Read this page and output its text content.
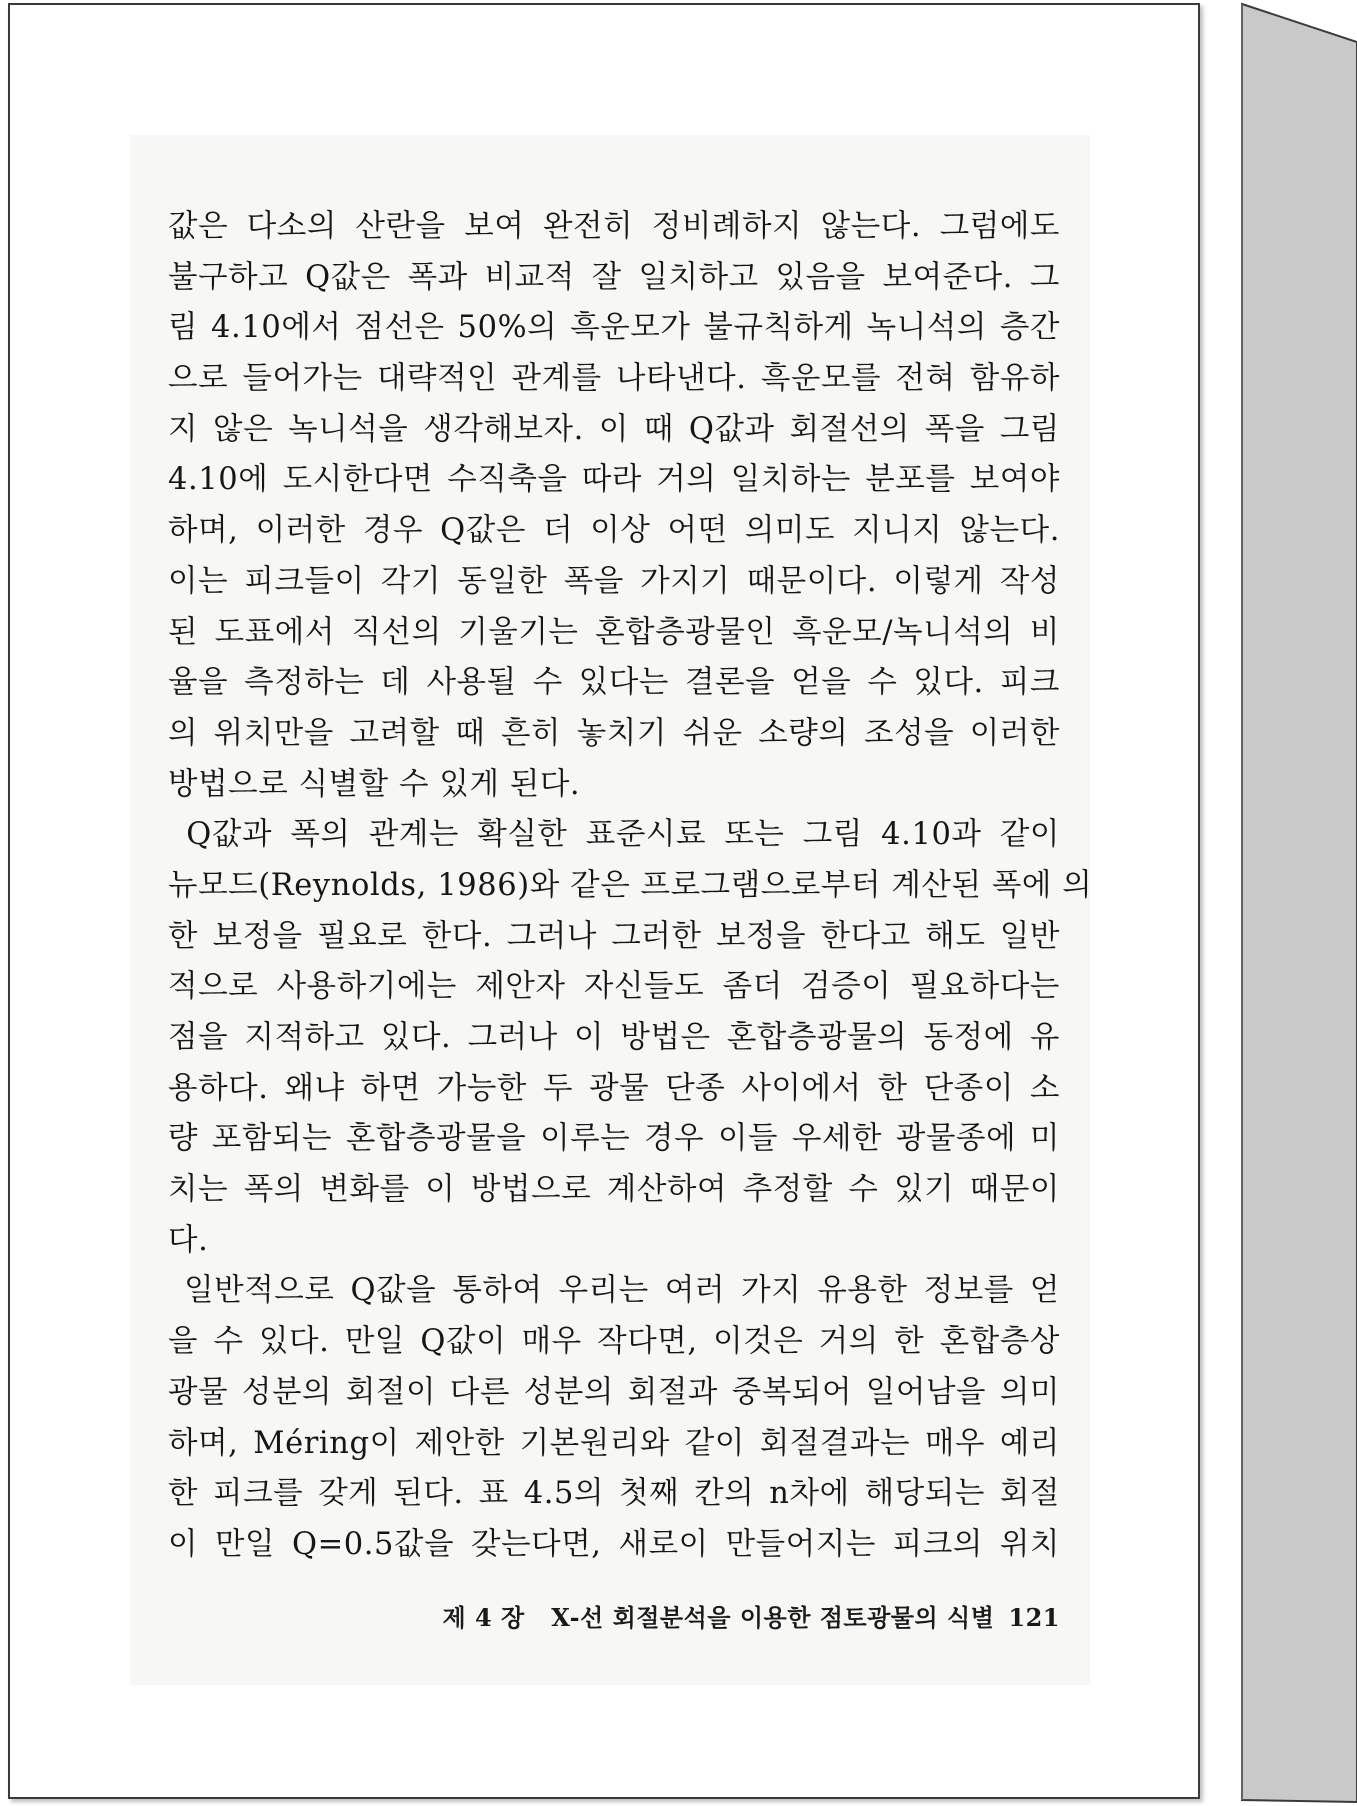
값은 다소의 산란을 보여 완전히 정비례하지 않는다. 그럼에도
불구하고 Q값은 폭과 비교적 잘 일치하고 있음을 보여준다. 그
림 4.10에서 점선은 50%의 흑운모가 불규칙하게 녹니석의 층간
으로 들어가는 대략적인 관계를 나타낸다. 흑운모를 전혀 함유하
지 않은 녹니석을 생각해보자. 이 때 Q값과 회절선의 폭을 그림
4.10에 도시한다면 수직축을 따라 거의 일치하는 분포를 보여야
하며, 이러한 경우 Q값은 더 이상 어떤 의미도 지니지 않는다.
이는 피크들이 각기 동일한 폭을 가지기 때문이다. 이렇게 작성
된 도표에서 직선의 기울기는 혼합층광물인 흑운모/녹니석의 비
율을 측정하는 데 사용될 수 있다는 결론을 얻을 수 있다. 피크
의 위치만을 고려할 때 흔히 놓치기 쉬운 소량의 조성을 이러한
방법으로 식별할 수 있게 된다.
Q값과 폭의 관계는 확실한 표준시료 또는 그림 4.10과 같이
뉴모드(Reynolds, 1986)와 같은 프로그램으로부터 계산된 폭에 의
한 보정을 필요로 한다. 그러나 그러한 보정을 한다고 해도 일반
적으로 사용하기에는 제안자 자신들도 좀더 검증이 필요하다는
점을 지적하고 있다. 그러나 이 방법은 혼합층광물의 동정에 유
용하다. 왜냐 하면 가능한 두 광물 단종 사이에서 한 단종이 소
량 포함되는 혼합층광물을 이루는 경우 이들 우세한 광물종에 미
치는 폭의 변화를 이 방법으로 계산하여 추정할 수 있기 때문이
다.
일반적으로 Q값을 통하여 우리는 여러 가지 유용한 정보를 얻
을 수 있다. 만일 Q값이 매우 작다면, 이것은 거의 한 혼합층상
광물 성분의 회절이 다른 성분의 회절과 중복되어 일어남을 의미
하며, Méring이 제안한 기본원리와 같이 회절결과는 매우 예리
한 피크를 갖게 된다. 표 4.5의 첫째 칸의 n차에 해당되는 회절
이 만일 Q=0.5값을 갖는다면, 새로이 만들어지는 피크의 위치
제 4 장 X-선 회절분석을 이용한 점토광물의 식별 121
